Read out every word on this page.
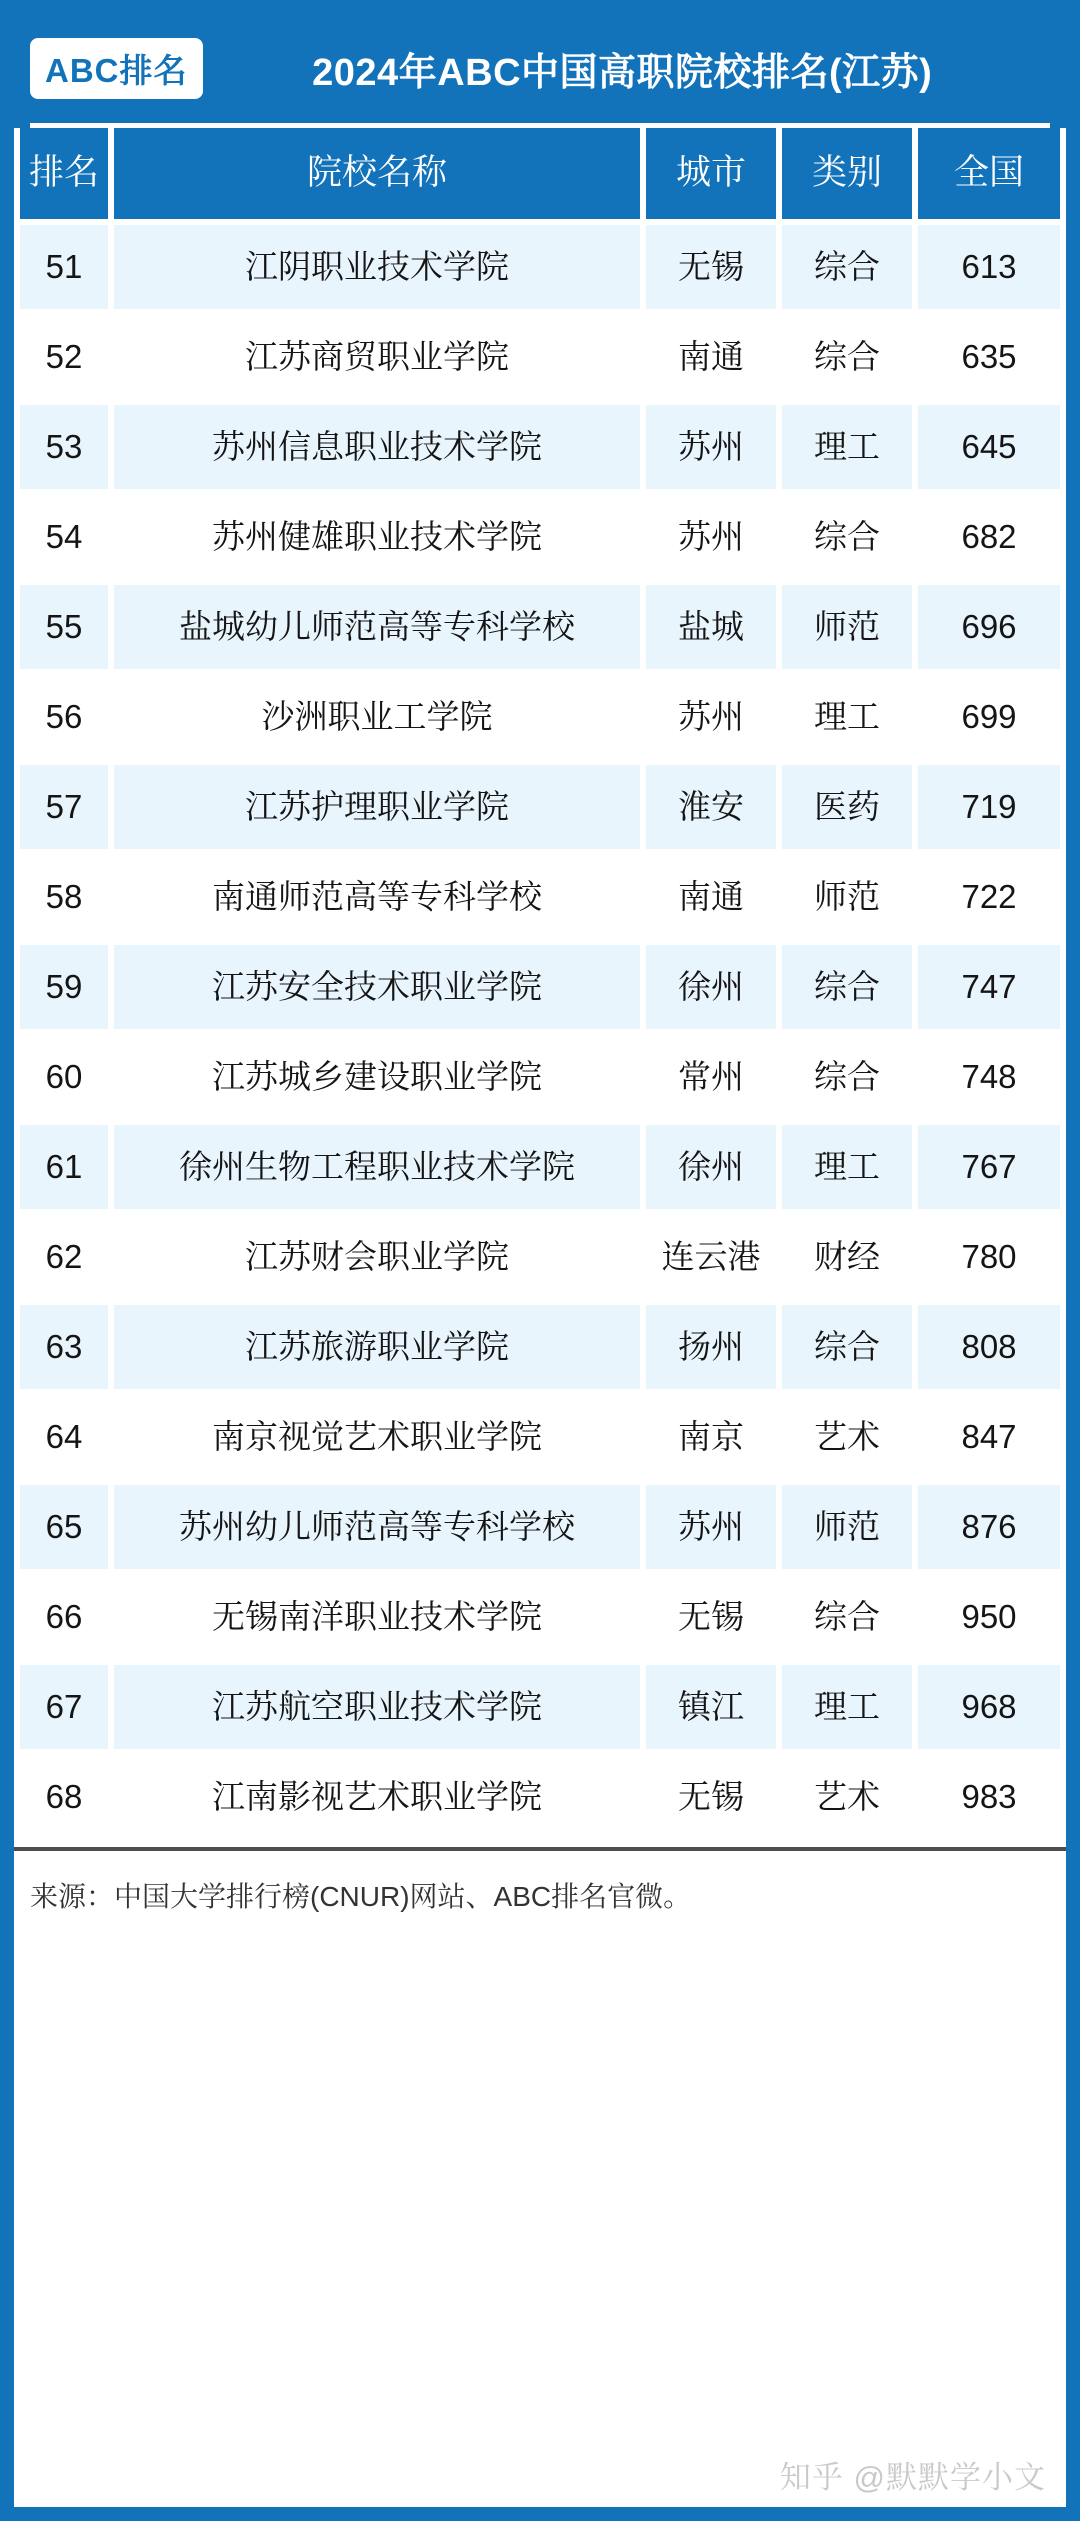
ABC排名	2024年ABC中国高职院校排名(江苏)
排名	院校名称	城市	类别	全国
51	江阴职业技术学院	无锡	综合	613
52	江苏商贸职业学院	南通	综合	635
53	苏州信息职业技术学院	苏州	理工	645
54	苏州健雄职业技术学院	苏州	综合	682
55	盐城幼儿师范高等专科学校	盐城	师范	696
56	沙洲职业工学院	苏州	理工	699
57	江苏护理职业学院	淮安	医药	719
58	南通师范高等专科学校	南通	师范	722
59	江苏安全技术职业学院	徐州	综合	747
60	江苏城乡建设职业学院	常州	综合	748
61	徐州生物工程职业技术学院	徐州	理工	767
62	江苏财会职业学院	连云港	财经	780
63	江苏旅游职业学院	扬州	综合	808
64	南京视觉艺术职业学院	南京	艺术	847
65	苏州幼儿师范高等专科学校	苏州	师范	876
66	无锡南洋职业技术学院	无锡	综合	950
67	江苏航空职业技术学院	镇江	理工	968
68	江南影视艺术职业学院	无锡	艺术	983
来源：中国大学排行榜(CNUR)网站、ABC排名官微。
知乎 @默默学小文
